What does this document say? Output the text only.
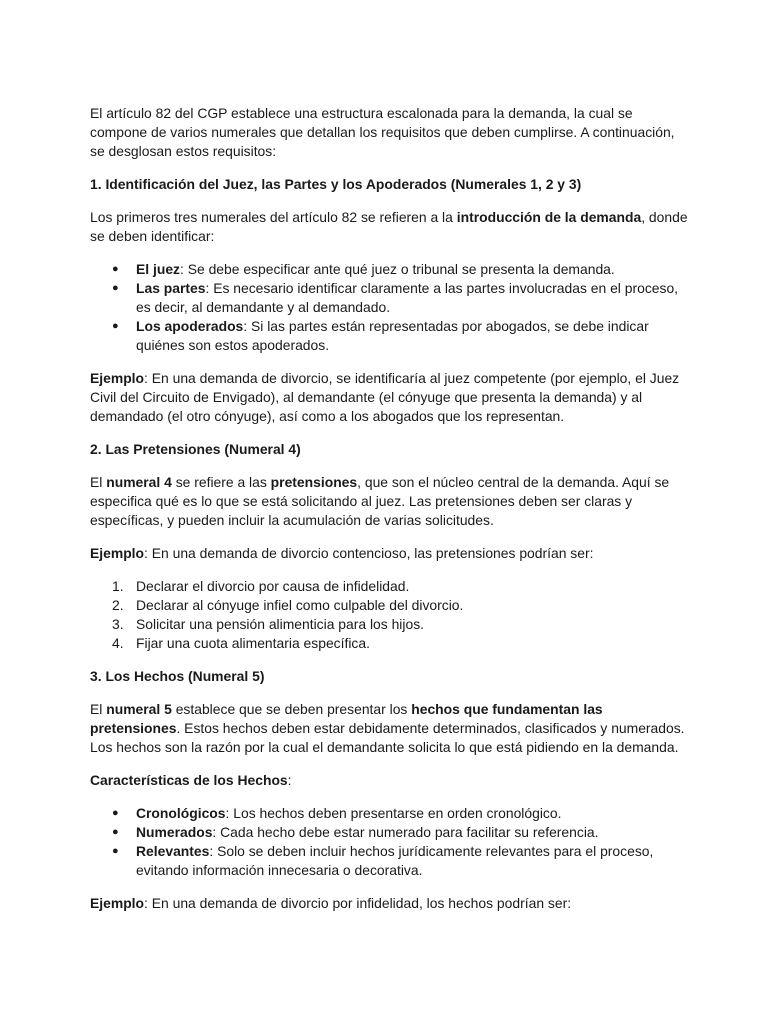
El artículo 82 del CGP establece una estructura escalonada para la demanda, la cual se compone de varios numerales que detallan los requisitos que deben cumplirse. A continuación, se desglosan estos requisitos:

1. Identificación del Juez, las Partes y los Apoderados (Numerales 1, 2 y 3)

Los primeros tres numerales del artículo 82 se refieren a la introducción de la demanda, donde se deben identificar:

● El juez: Se debe especificar ante qué juez o tribunal se presenta la demanda.
● Las partes: Es necesario identificar claramente a las partes involucradas en el proceso, es decir, al demandante y al demandado.
● Los apoderados: Si las partes están representadas por abogados, se debe indicar quiénes son estos apoderados.

Ejemplo: En una demanda de divorcio, se identificaría al juez competente (por ejemplo, el Juez Civil del Circuito de Envigado), al demandante (el cónyuge que presenta la demanda) y al demandado (el otro cónyuge), así como a los abogados que los representan.

2. Las Pretensiones (Numeral 4)

El numeral 4 se refiere a las pretensiones, que son el núcleo central de la demanda. Aquí se especifica qué es lo que se está solicitando al juez. Las pretensiones deben ser claras y específicas, y pueden incluir la acumulación de varias solicitudes.

Ejemplo: En una demanda de divorcio contencioso, las pretensiones podrían ser:

1. Declarar el divorcio por causa de infidelidad.
2. Declarar al cónyuge infiel como culpable del divorcio.
3. Solicitar una pensión alimenticia para los hijos.
4. Fijar una cuota alimentaria específica.
3. Los Hechos (Numeral 5)

El numeral 5 establece que se deben presentar los hechos que fundamentan las pretensiones. Estos hechos deben estar debidamente determinados, clasificados y numerados. Los hechos son la razón por la cual el demandante solicita lo que está pidiendo en la demanda.

Características de los Hechos:

● Cronológicos: Los hechos deben presentarse en orden cronológico.
● Numerados: Cada hecho debe estar numerado para facilitar su referencia.
● Relevantes: Solo se deben incluir hechos jurídicamente relevantes para el proceso, evitando información innecesaria o decorativa.

Ejemplo: En una demanda de divorcio por infidelidad, los hechos podrían ser:
